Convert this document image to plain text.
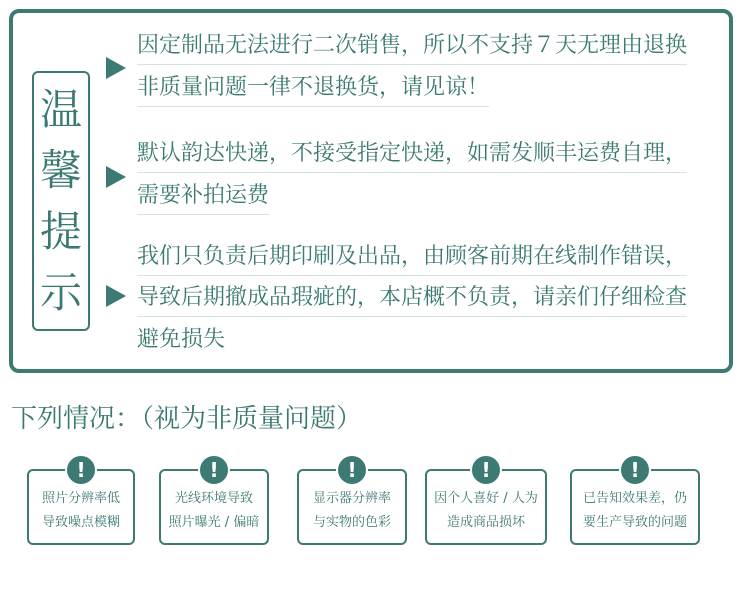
温
馨
提
示
因定制品无法进行二次销售，所以不支持７天无理由退换
非质量问题一律不退换货，请见谅！
默认韵达快递，不接受指定快递，如需发顺丰运费自理，
需要补拍运费
我们只负责后期印刷及出品，由顾客前期在线制作错误，
导致后期撤成品瑕疵的，本店概不负责，请亲们仔细检查
避免损失
下列情况：（视为非质量问题）
!
照片分辨率低
导致噪点模糊
!
光线环境导致
照片曝光 / 偏暗
!
显示器分辨率
与实物的色彩
!
因个人喜好 / 人为
造成商品损坏
!
已告知效果差，仍
要生产导致的问题
